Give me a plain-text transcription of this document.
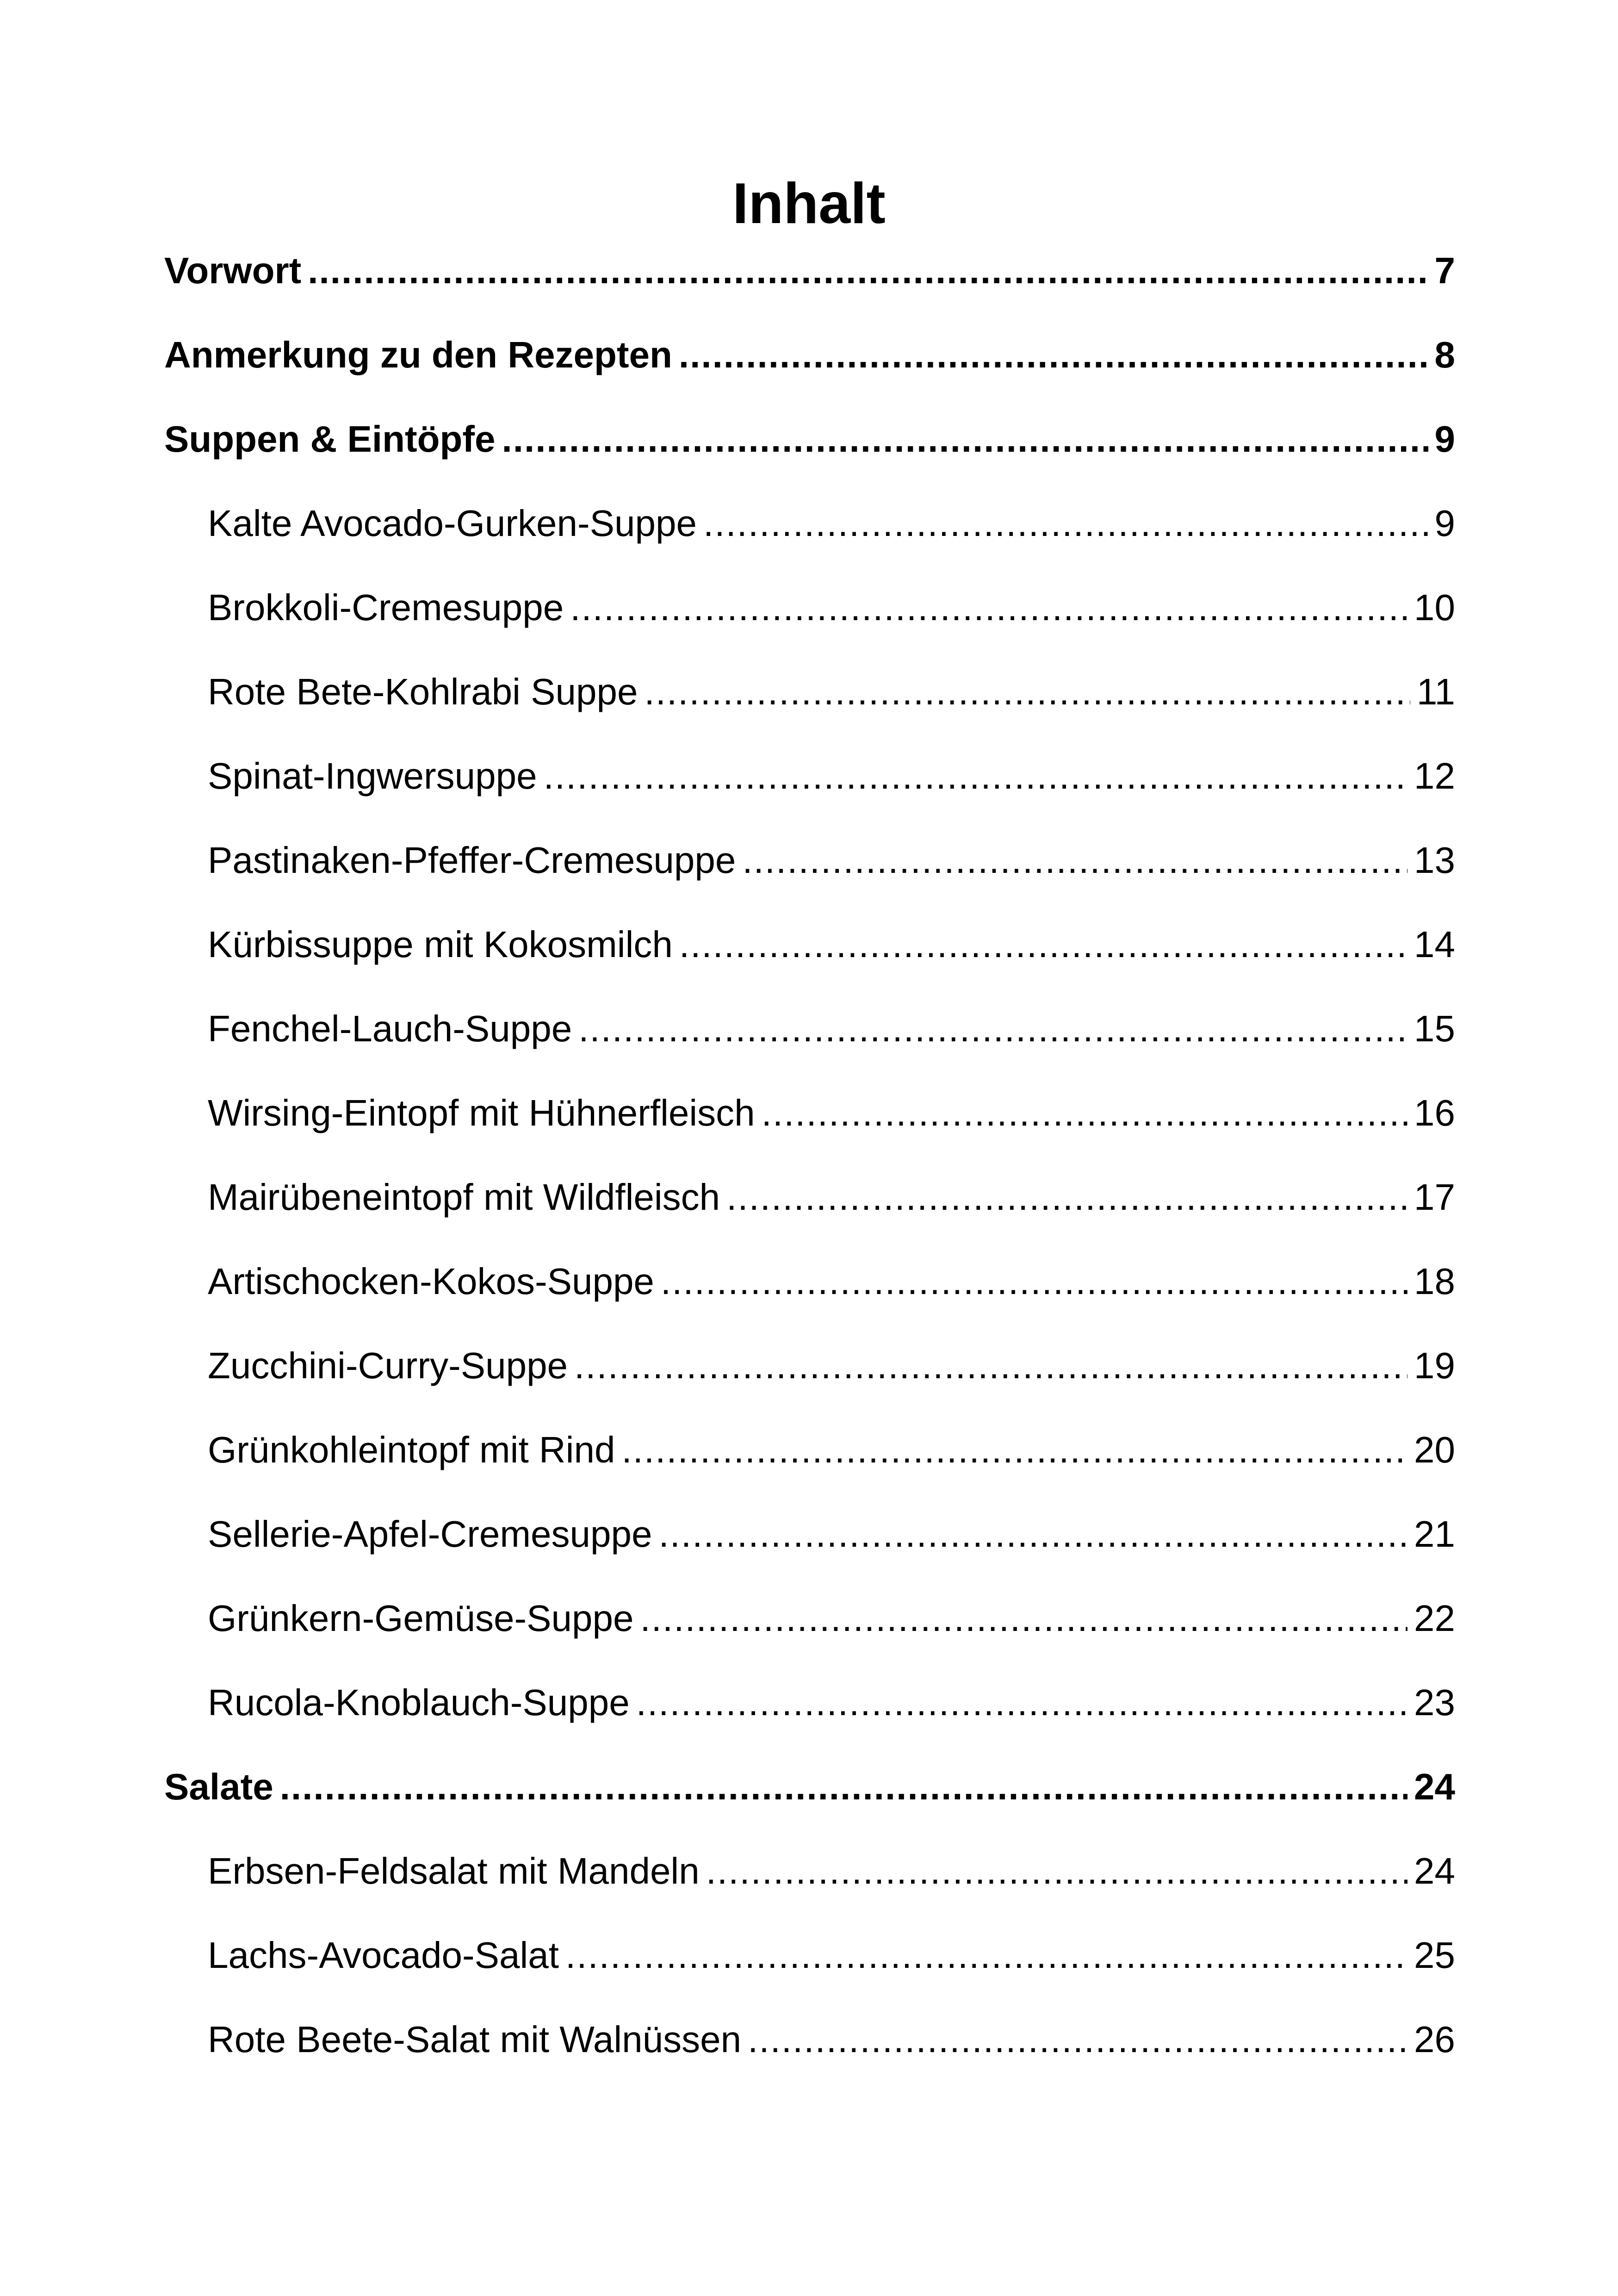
Inhalt
Vorwort .....	7
Anmerkung zu den Rezepten .....	8
Suppen & Eintöpfe .....	9
Kalte Avocado-Gurken-Suppe .....	9
Brokkoli-Cremesuppe .....	10
Rote Bete-Kohlrabi Suppe .....	11
Spinat-Ingwersuppe .....	12
Pastinaken-Pfeffer-Cremesuppe .....	13
Kürbissuppe mit Kokosmilch .....	14
Fenchel-Lauch-Suppe .....	15
Wirsing-Eintopf mit Hühnerfleisch .....	16
Mairübeneintopf mit Wildfleisch .....	17
Artischocken-Kokos-Suppe .....	18
Zucchini-Curry-Suppe .....	19
Grünkohleintopf mit Rind .....	20
Sellerie-Apfel-Cremesuppe .....	21
Grünkern-Gemüse-Suppe .....	22
Rucola-Knoblauch-Suppe .....	23
Salate .....	24
Erbsen-Feldsalat mit Mandeln .....	24
Lachs-Avocado-Salat .....	25
Rote Beete-Salat mit Walnüssen .....	26
